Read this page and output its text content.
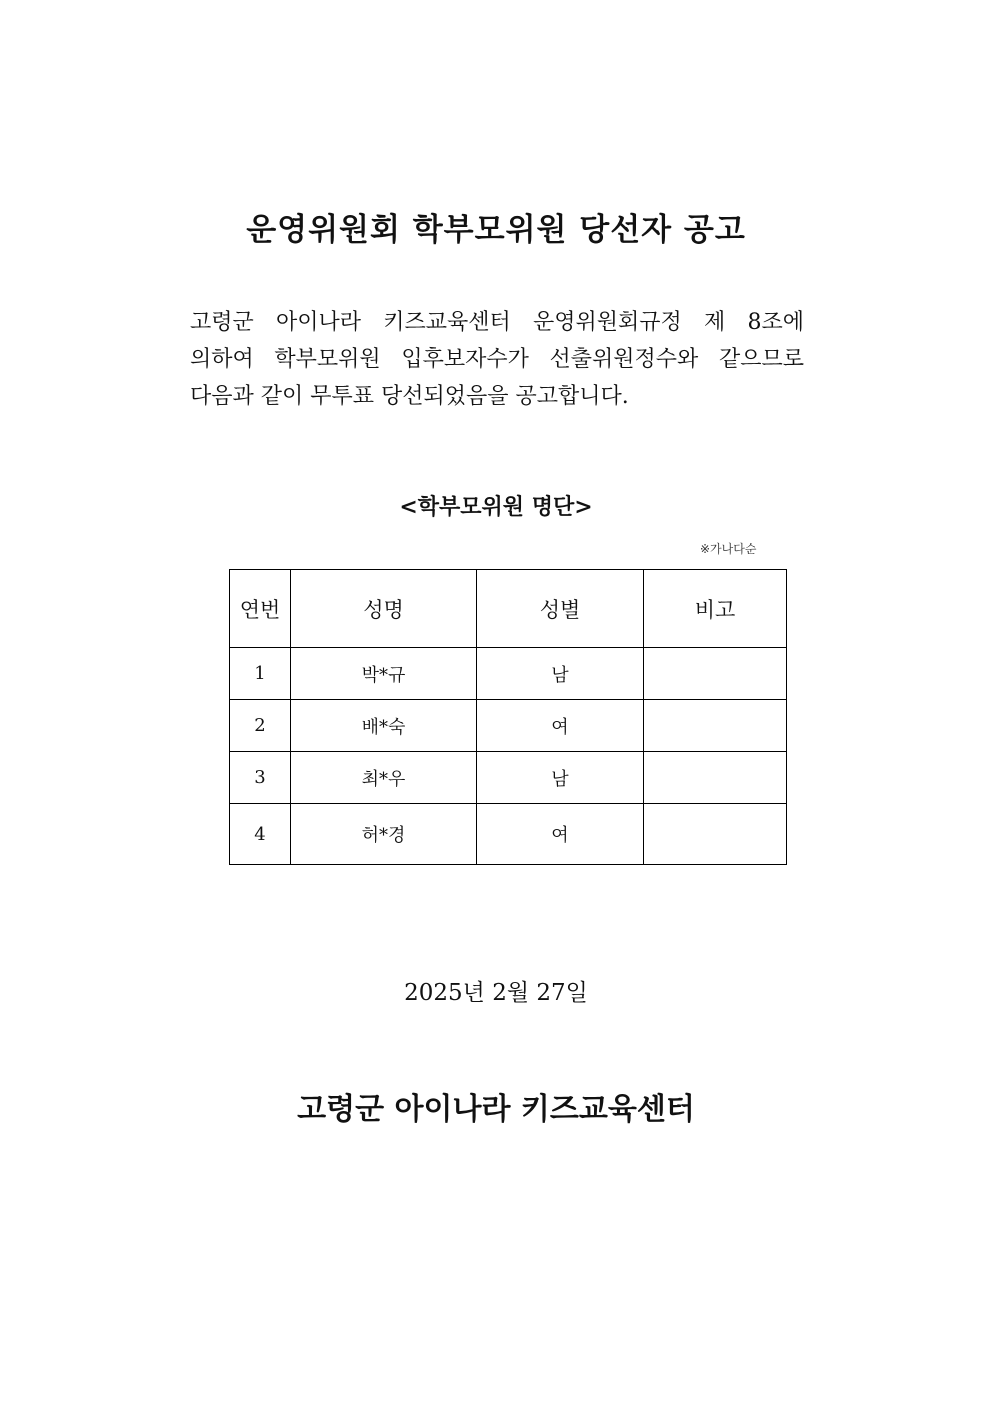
운영위원회 학부모위원 당선자 공고

고령군 아이나라 키즈교육센터 운영위원회규정 제 8조에
의하여 학부모위원 입후보자수가 선출위원정수와 같으므로
다음과 같이 무투표 당선되었음을 공고합니다.

<학부모위원 명단>
※가나다순
연번	성명	성별	비고
1	박*규	남	
2	배*숙	여	
3	최*우	남	
4	허*경	여	

2025년 2월 27일

고령군 아이나라 키즈교육센터
